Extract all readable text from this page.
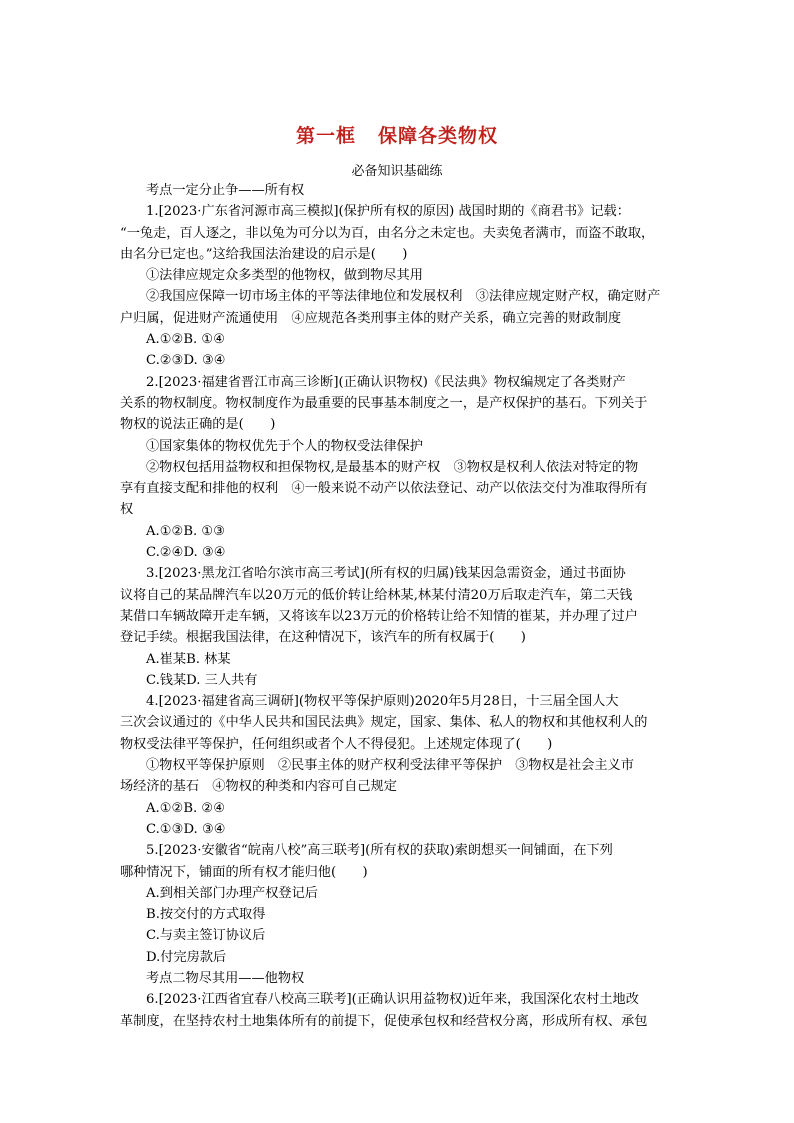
第一框 保障各类物权
必备知识基础练

考点一定分止争——所有权

1.[2023·广东省河源市高三模拟](保护所有权的原因) 战国时期的《商君书》记载：

“一兔走，百人逐之，非以兔为可分以为百，由名分之未定也。夫卖兔者满市，而盗不敢取，

由名分已定也。”这给我国法治建设的启示是(　　)

①法律应规定众多类型的他物权，做到物尽其用

②我国应保障一切市场主体的平等法律地位和发展权利　③法律应规定财产权，确定财产

户归属，促进财产流通使用　④应规范各类刑事主体的财产关系，确立完善的财政制度

A.①②B. ①④

C.②③D. ③④

2.[2023·福建省晋江市高三诊断](正确认识物权)《民法典》物权编规定了各类财产

关系的物权制度。物权制度作为最重要的民事基本制度之一，是产权保护的基石。下列关于

物权的说法正确的是(　　)

①国家集体的物权优先于个人的物权受法律保护

②物权包括用益物权和担保物权,是最基本的财产权　③物权是权利人依法对特定的物

享有直接支配和排他的权利　④一般来说不动产以依法登记、动产以依法交付为准取得所有

权

A.①②B. ①③

C.②④D. ③④

3.[2023·黑龙江省哈尔滨市高三考试](所有权的归属)钱某因急需资金，通过书面协

议将自己的某品牌汽车以20万元的低价转让给林某,林某付清20万后取走汽车，第二天钱

某借口车辆故障开走车辆，又将该车以23万元的价格转让给不知情的崔某，并办理了过户

登记手续。根据我国法律，在这种情况下，该汽车的所有权属于(　　)

A.崔某B. 林某

C.钱某D. 三人共有

4.[2023·福建省高三调研](物权平等保护原则)2020年5月28日，十三届全国人大

三次会议通过的《中华人民共和国民法典》规定，国家、集体、私人的物权和其他权利人的

物权受法律平等保护，任何组织或者个人不得侵犯。上述规定体现了(　　)

①物权平等保护原则　②民事主体的财产权利受法律平等保护　③物权是社会主义市

场经济的基石　④物权的种类和内容可自己规定

A.①②B. ②④

C.①③D. ③④

5.[2023·安徽省“皖南八校”高三联考](所有权的获取)索朗想买一间铺面，在下列

哪种情况下，铺面的所有权才能归他(　　)

A.到相关部门办理产权登记后

B.按交付的方式取得

C.与卖主签订协议后

D.付完房款后

考点二物尽其用——他物权

6.[2023·江西省宜春八校高三联考](正确认识用益物权)近年来，我国深化农村土地改

革制度，在坚持农村土地集体所有的前提下，促使承包权和经营权分离，形成所有权、承包
